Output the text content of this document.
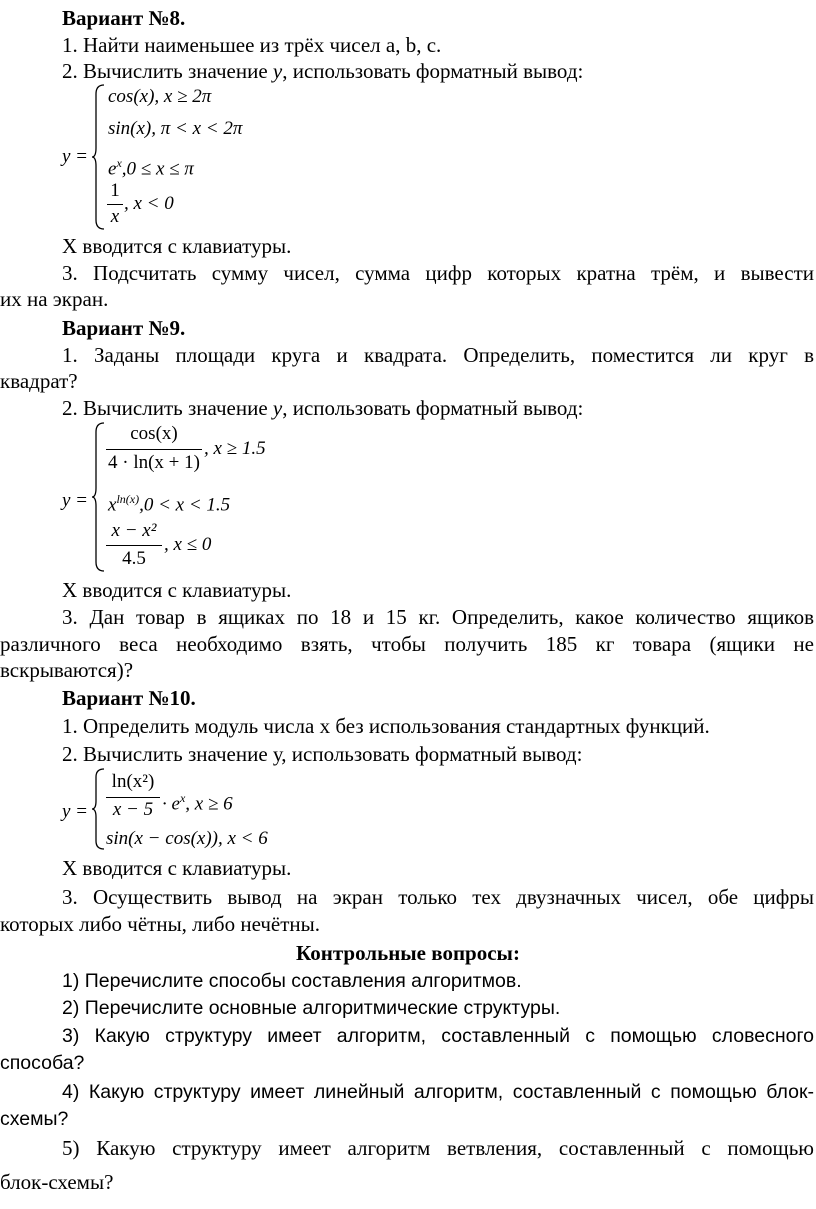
Вариант №8.
1. Найти наименьшее из трёх чисел a, b, c.
2. Вычислить значение y, использовать форматный вывод:
y =
cos(x), x ≥ 2π
sin(x), π < x < 2π
$e^x,0 \le x \le \pi$
1
x
, x < 0
X вводится с клавиатуры.
3. Подсчитать сумму чисел, сумма цифр которых кратна трём, и вывести
их на экран.
Вариант №9.
1. Заданы площади круга и квадрата. Определить, поместится ли круг в
квадрат?
2. Вычислить значение y, использовать форматный вывод:
y =
cos(x)
4 · ln(x + 1)
, x ≥ 1.5
$x^{ln(x)},0 < x < 1.5$
x − x²
4.5
, x ≤ 0
X вводится с клавиатуры.
3. Дан товар в ящиках по 18 и 15 кг. Определить, какое количество ящиков
различного веса необходимо взять, чтобы получить 185 кг товара (ящики не
вскрываются)?
Вариант №10.
1. Определить модуль числа х без использования стандартных функций.
2. Вычислить значение у, использовать форматный вывод:
y =
ln(x²)
$x - 5 \cdot e^x$, x ≥ 6
sin(x − cos(x)), x < 6
X вводится с клавиатуры.
3. Осуществить вывод на экран только тех двузначных чисел, обе цифры
которых либо чётны, либо нечётны.
Контрольные вопросы:
1) Перечислите способы составления алгоритмов.
2) Перечислите основные алгоритмические структуры.
3) Какую структуру имеет алгоритм, составленный с помощью словесного
способа?
4) Какую структуру имеет линейный алгоритм, составленный с помощью блок-
схемы?
5) Какую структуру имеет алгоритм ветвления, составленный с помощью
блок-схемы?
